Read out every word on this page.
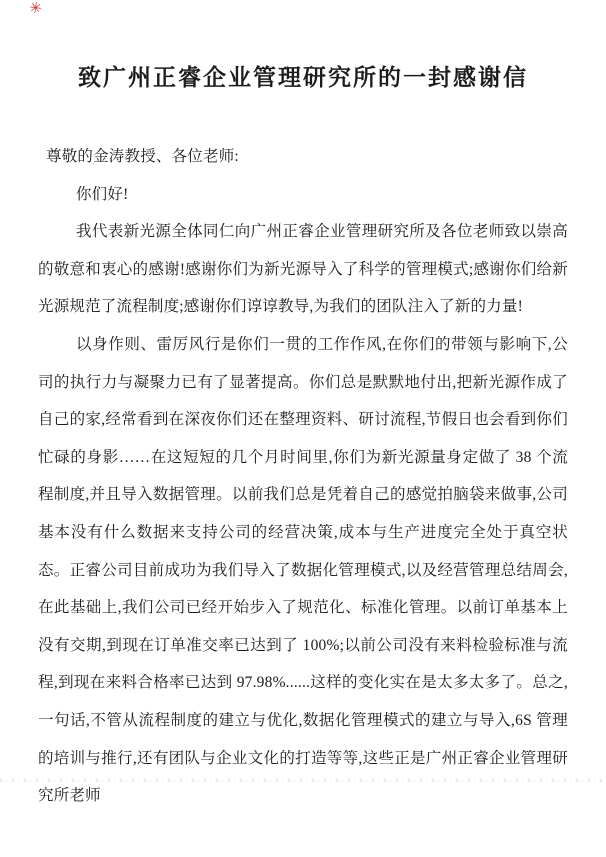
✳
致广州正睿企业管理研究所的一封感谢信

尊敬的金涛教授、各位老师:

你们好!

我代表新光源全体同仁向广州正睿企业管理研究所及各位老师致以崇高的敬意和衷心的感谢!感谢你们为新光源导入了科学的管理模式;感谢你们给新光源规范了流程制度;感谢你们谆谆教导,为我们的团队注入了新的力量!

以身作则、雷厉风行是你们一贯的工作作风,在你们的带领与影响下,公司的执行力与凝聚力已有了显著提高。你们总是默默地付出,把新光源作成了自己的家,经常看到在深夜你们还在整理资料、研讨流程,节假日也会看到你们忙碌的身影……在这短短的几个月时间里,你们为新光源量身定做了 38 个流程制度,并且导入数据管理。以前我们总是凭着自己的感觉拍脑袋来做事,公司基本没有什么数据来支持公司的经营决策,成本与生产进度完全处于真空状态。正睿公司目前成功为我们导入了数据化管理模式,以及经营管理总结周会,在此基础上,我们公司已经开始步入了规范化、标准化管理。以前订单基本上没有交期,到现在订单准交率已达到了 100%;以前公司没有来料检验标准与流程,到现在来料合格率已达到 97.98%......这样的变化实在是太多太多了。总之,一句话,不管从流程制度的建立与优化,数据化管理模式的建立与导入,6S 管理的培训与推行,还有团队与企业文化的打造等等,这些正是广州正睿企业管理研究所老师
